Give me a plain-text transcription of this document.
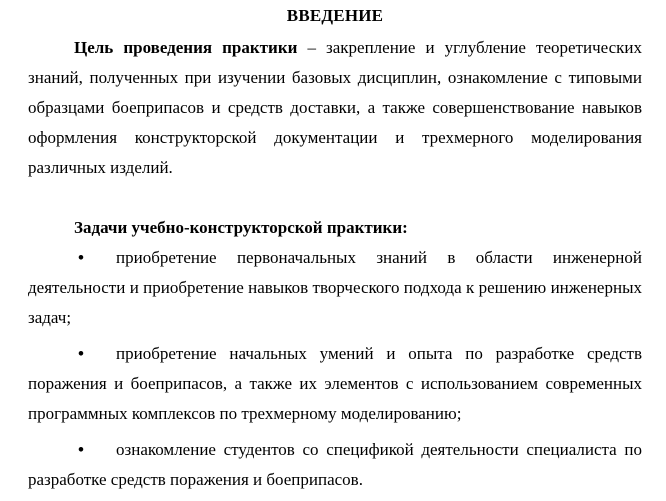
ВВЕДЕНИЕ

Цель проведения практики – закрепление и углубление теоретических знаний, полученных при изучении базовых дисциплин, ознакомление с типовыми образцами боеприпасов и средств доставки, а также совершенствование навыков оформления конструкторской документации и трехмерного моделирования различных изделий.

Задачи учебно-конструкторской практики:

• приобретение первоначальных знаний в области инженерной деятельности и приобретение навыков творческого подхода к решению инженерных задач;

• приобретение начальных умений и опыта по разработке средств поражения и боеприпасов, а также их элементов с использованием современных программных комплексов по трехмерному моделированию;

• ознакомление студентов со спецификой деятельности специалиста по разработке средств поражения и боеприпасов.
